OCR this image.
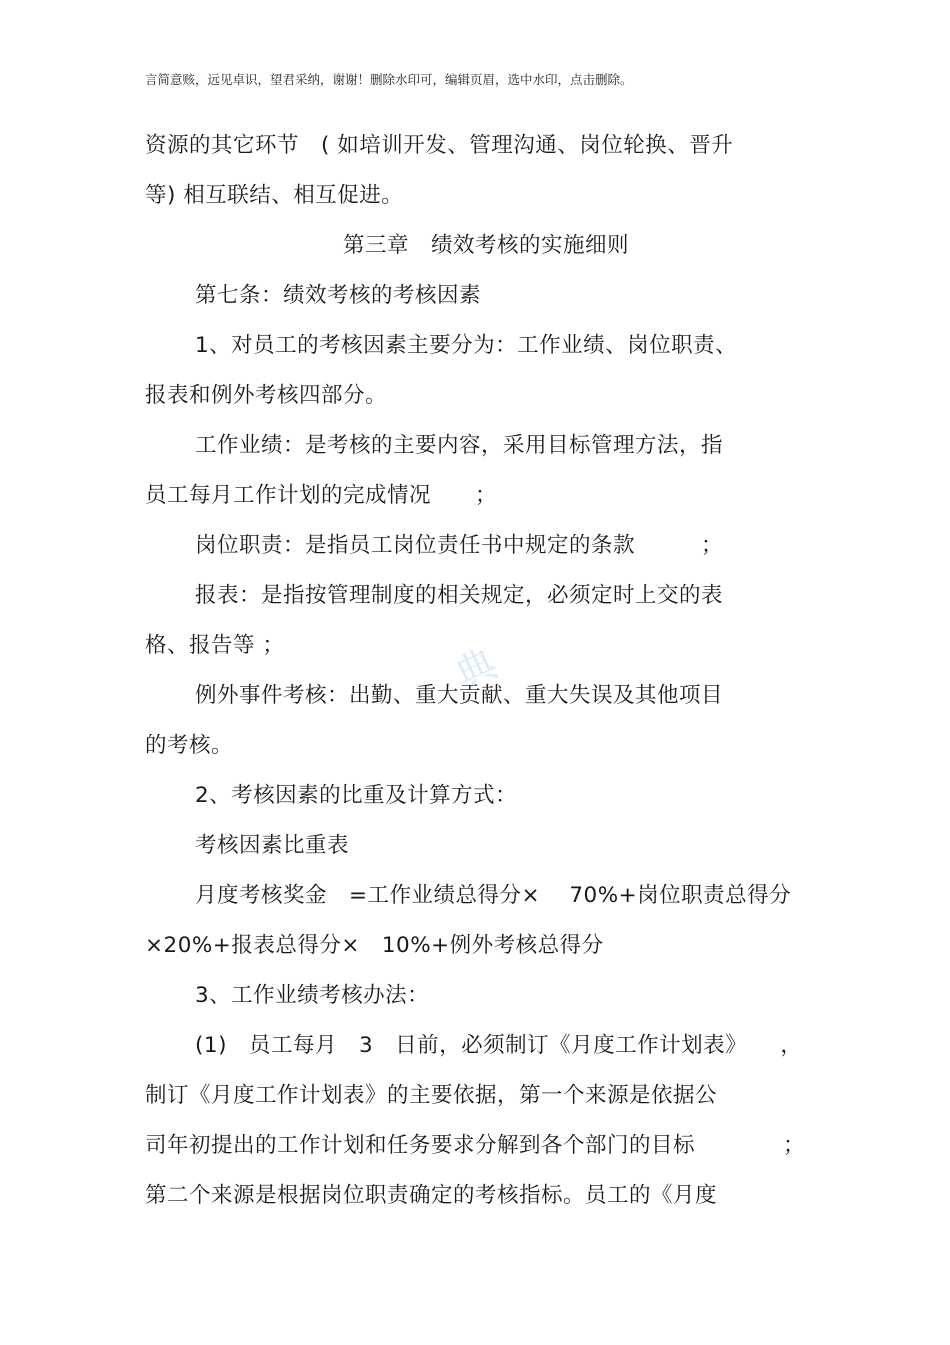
言简意赅，远见卓识，望君采纳，谢谢！删除水印可，编辑页眉，选中水印，点击删除。
典
资源的其它环节　( 如培训开发、管理沟通、岗位轮换、晋升
等) 相互联结、相互促进。
第三章　绩效考核的实施细则
第七条：绩效考核的考核因素
1、对员工的考核因素主要分为：工作业绩、岗位职责、
报表和例外考核四部分。
工作业绩：是考核的主要内容，采用目标管理方法，指
员工每月工作计划的完成情况　　；
岗位职责：是指员工岗位责任书中规定的条款　　　；
报表：是指按管理制度的相关规定，必须定时上交的表
格、报告等 ；
例外事件考核：出勤、重大贡献、重大失误及其他项目
的考核。
2、考核因素的比重及计算方式：
考核因素比重表
月度考核奖金　=工作业绩总得分×　 70%+岗位职责总得分
×20%+报表总得分×　10%+例外考核总得分
3、工作业绩考核办法：
(1)　员工每月　3　日前，必须制订《月度工作计划表》　　，
制订《月度工作计划表》的主要依据，第一个来源是依据公
司年初提出的工作计划和任务要求分解到各个部门的目标　　　　；
第二个来源是根据岗位职责确定的考核指标。员工的《月度
